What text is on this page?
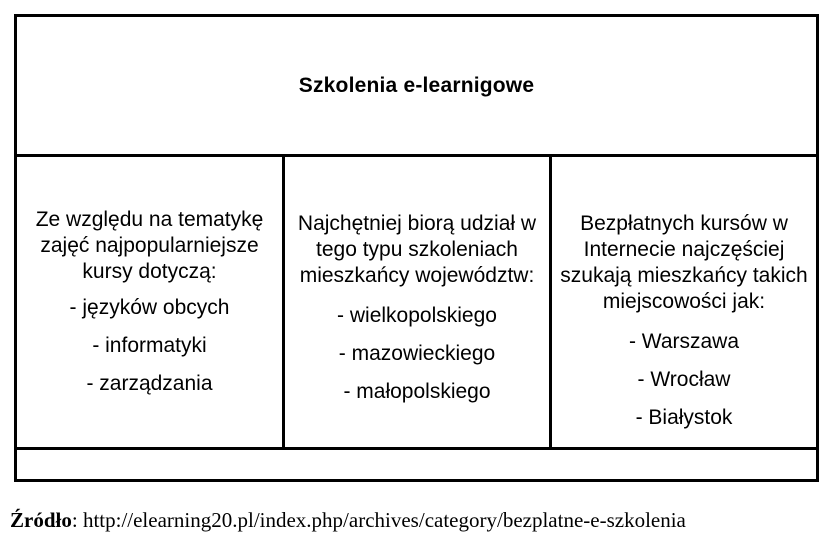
Szkolenia e-learnigowe
Ze względu na tematykę zajęć najpopularniejsze kursy dotyczą:
- języków obcych
- informatyki
- zarządzania
Najchętniej biorą udział w tego typu szkoleniach mieszkańcy województw:
- wielkopolskiego
- mazowieckiego
- małopolskiego
Bezpłatnych kursów w Internecie najczęściej szukają mieszkańcy takich miejscowości jak:
- Warszawa
- Wrocław
- Białystok
Źródło: http://elearning20.pl/index.php/archives/category/bezplatne-e-szkolenia
